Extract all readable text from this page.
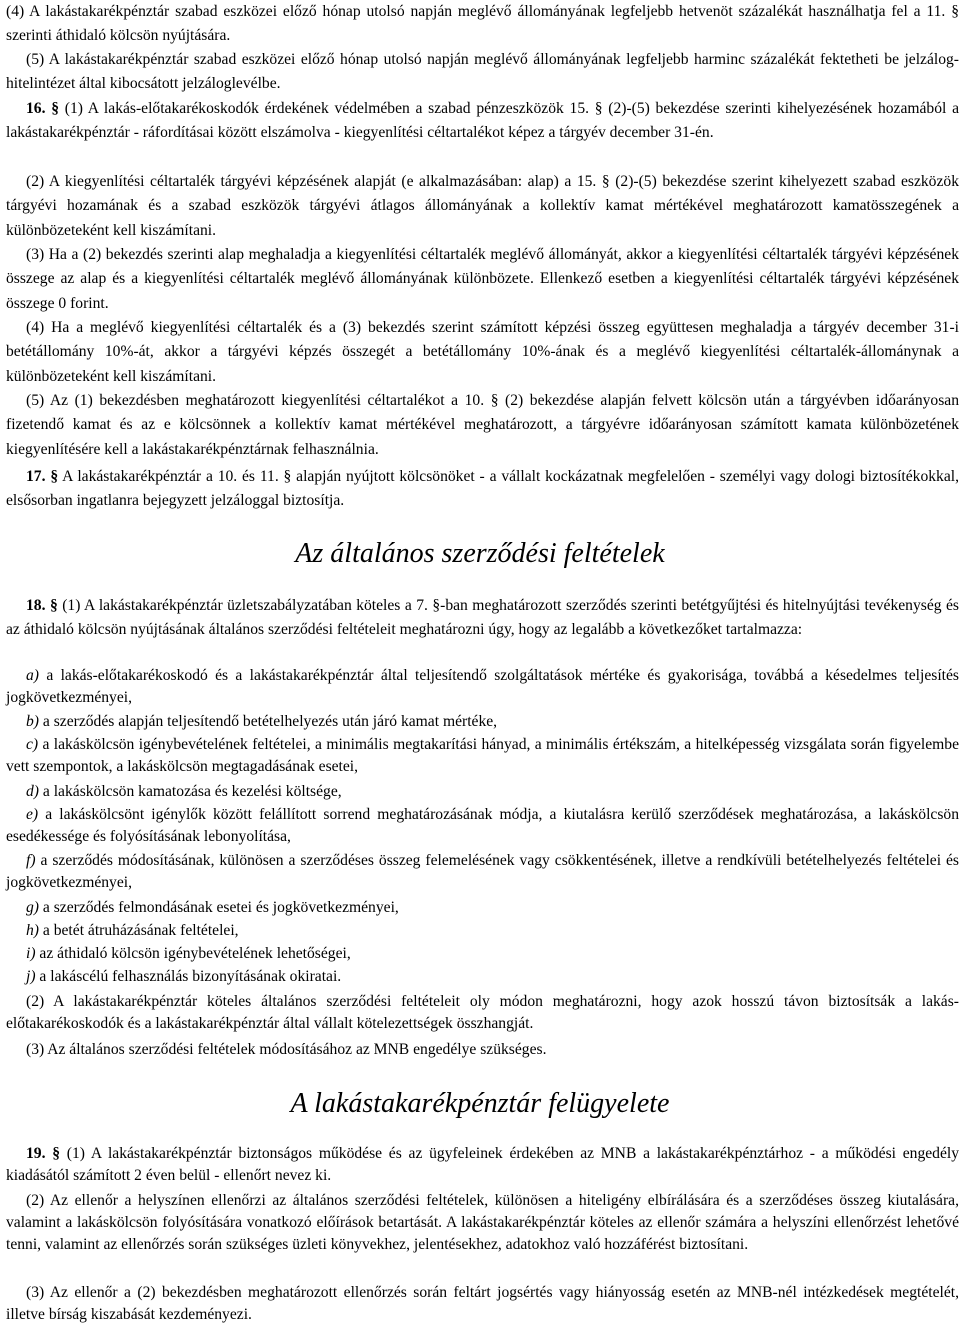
(4) A lakástakarékpénztár szabad eszközei előző hónap utolsó napján meglévő állományának legfeljebb hetvenöt százalékát használhatja fel a 11. § szerinti áthidaló kölcsön nyújtására.

(5) A lakástakarékpénztár szabad eszközei előző hónap utolsó napján meglévő állományának legfeljebb harminc százalékát fektetheti be jelzálog-hitelintézet által kibocsátott jelzáloglevélbe.

16. § (1) A lakás-előtakarékoskodók érdekének védelmében a szabad pénzeszközök 15. § (2)-(5) bekezdése szerinti kihelyezésének hozamából a lakástakarékpénztár - ráfordításai között elszámolva - kiegyenlítési céltartalékot képez a tárgyév december 31-én.

(2) A kiegyenlítési céltartalék tárgyévi képzésének alapját (e alkalmazásában: alap) a 15. § (2)-(5) bekezdése szerint kihelyezett szabad eszközök tárgyévi hozamának és a szabad eszközök tárgyévi átlagos állományának a kollektív kamat mértékével meghatározott kamatösszegének a különbözeteként kell kiszámítani.

(3) Ha a (2) bekezdés szerinti alap meghaladja a kiegyenlítési céltartalék meglévő állományát, akkor a kiegyenlítési céltartalék tárgyévi képzésének összege az alap és a kiegyenlítési céltartalék meglévő állományának különbözete. Ellenkező esetben a kiegyenlítési céltartalék tárgyévi képzésének összege 0 forint.

(4) Ha a meglévő kiegyenlítési céltartalék és a (3) bekezdés szerint számított képzési összeg együttesen meghaladja a tárgyév december 31-i betétállomány 10%-át, akkor a tárgyévi képzés összegét a betétállomány 10%-ának és a meglévő kiegyenlítési céltartalék-állománynak a különbözeteként kell kiszámítani.

(5) Az (1) bekezdésben meghatározott kiegyenlítési céltartalékot a 10. § (2) bekezdése alapján felvett kölcsön után a tárgyévben időarányosan fizetendő kamat és az e kölcsönnek a kollektív kamat mértékével meghatározott, a tárgyévre időarányosan számított kamata különbözetének kiegyenlítésére kell a lakástakarékpénztárnak felhasználnia.

17. § A lakástakarékpénztár a 10. és 11. § alapján nyújtott kölcsönöket - a vállalt kockázatnak megfelelően - személyi vagy dologi biztosítékokkal, elsősorban ingatlanra bejegyzett jelzáloggal biztosítja.

Az általános szerződési feltételek

18. § (1) A lakástakarékpénztár üzletszabályzatában köteles a 7. §-ban meghatározott szerződés szerinti betétgyűjtési és hitelnyújtási tevékenység és az áthidaló kölcsön nyújtásának általános szerződési feltételeit meghatározni úgy, hogy az legalább a következőket tartalmazza:

a) a lakás-előtakarékoskodó és a lakástakarékpénztár által teljesítendő szolgáltatások mértéke és gyakorisága, továbbá a késedelmes teljesítés jogkövetkezményei,

b) a szerződés alapján teljesítendő betételhelyezés után járó kamat mértéke,

c) a lakáskölcsön igénybevételének feltételei, a minimális megtakarítási hányad, a minimális értékszám, a hitelképesség vizsgálata során figyelembe vett szempontok, a lakáskölcsön megtagadásának esetei,

d) a lakáskölcsön kamatozása és kezelési költsége,

e) a lakáskölcsönt igénylők között felállított sorrend meghatározásának módja, a kiutalásra kerülő szerződések meghatározása, a lakáskölcsön esedékessége és folyósításának lebonyolítása,

f) a szerződés módosításának, különösen a szerződéses összeg felemelésének vagy csökkentésének, illetve a rendkívüli betételhelyezés feltételei és jogkövetkezményei,

g) a szerződés felmondásának esetei és jogkövetkezményei,

h) a betét átruházásának feltételei,

i) az áthidaló kölcsön igénybevételének lehetőségei,

j) a lakáscélú felhasználás bizonyításának okiratai.

(2) A lakástakarékpénztár köteles általános szerződési feltételeit oly módon meghatározni, hogy azok hosszú távon biztosítsák a lakás-előtakarékoskodók és a lakástakarékpénztár által vállalt kötelezettségek összhangját.

(3) Az általános szerződési feltételek módosításához az MNB engedélye szükséges.

A lakástakarékpénztár felügyelete

19. § (1) A lakástakarékpénztár biztonságos működése és az ügyfeleinek érdekében az MNB a lakástakarékpénztárhoz - a működési engedély kiadásától számított 2 éven belül - ellenőrt nevez ki.

(2) Az ellenőr a helyszínen ellenőrzi az általános szerződési feltételek, különösen a hiteligény elbírálására és a szerződéses összeg kiutalására, valamint a lakáskölcsön folyósítására vonatkozó előírások betartását. A lakástakarékpénztár köteles az ellenőr számára a helyszíni ellenőrzést lehetővé tenni, valamint az ellenőrzés során szükséges üzleti könyvekhez, jelentésekhez, adatokhoz való hozzáférést biztosítani.

(3) Az ellenőr a (2) bekezdésben meghatározott ellenőrzés során feltárt jogsértés vagy hiányosság esetén az MNB-nél intézkedések megtételét, illetve bírság kiszabását kezdeményezi.
